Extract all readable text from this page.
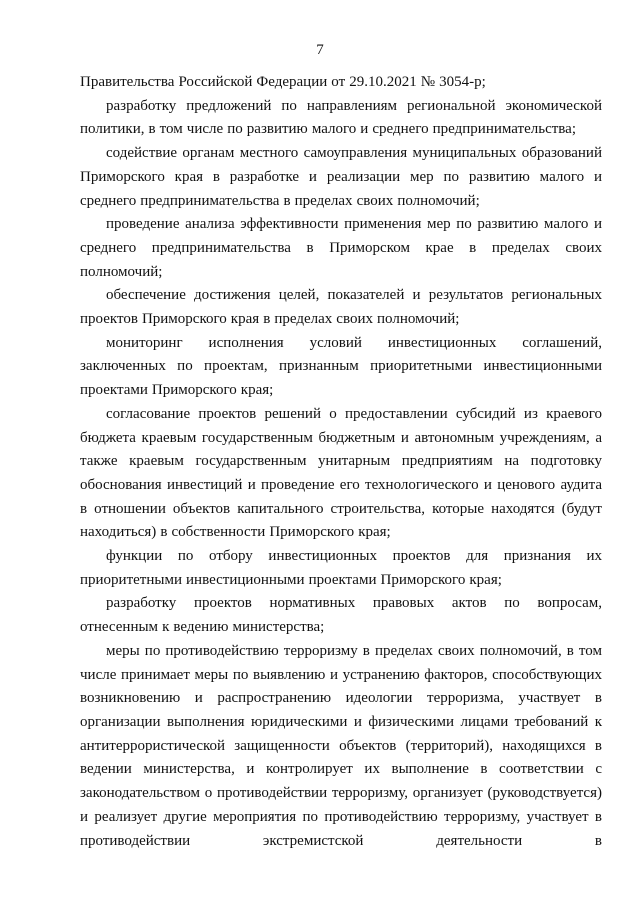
7

Правительства Российской Федерации от 29.10.2021 № 3054-р;

разработку предложений по направлениям региональной экономической политики, в том числе по развитию малого и среднего предпринимательства;

содействие органам местного самоуправления муниципальных образований Приморского края в разработке и реализации мер по развитию малого и среднего предпринимательства в пределах своих полномочий;

проведение анализа эффективности применения мер по развитию малого и среднего предпринимательства в Приморском крае в пределах своих полномочий;

обеспечение достижения целей, показателей и результатов региональных проектов Приморского края в пределах своих полномочий;

мониторинг исполнения условий инвестиционных соглашений, заключенных по проектам, признанным приоритетными инвестиционными проектами Приморского края;

согласование проектов решений о предоставлении субсидий из краевого бюджета краевым государственным бюджетным и автономным учреждениям, а также краевым государственным унитарным предприятиям на подготовку обоснования инвестиций и проведение его технологического и ценового аудита в отношении объектов капитального строительства, которые находятся (будут находиться) в собственности Приморского края;

функции по отбору инвестиционных проектов для признания их приоритетными инвестиционными проектами Приморского края;

разработку проектов нормативных правовых актов по вопросам, отнесенным к ведению министерства;

меры по противодействию терроризму в пределах своих полномочий, в том числе принимает меры по выявлению и устранению факторов, способствующих возникновению и распространению идеологии терроризма, участвует в организации выполнения юридическими и физическими лицами требований к антитеррористической защищенности объектов (территорий), находящихся в ведении министерства, и контролирует их выполнение в соответствии с законодательством о противодействии терроризму, организует (руководствуется) и реализует другие мероприятия по противодействию терроризму, участвует в противодействии экстремистской деятельности в
